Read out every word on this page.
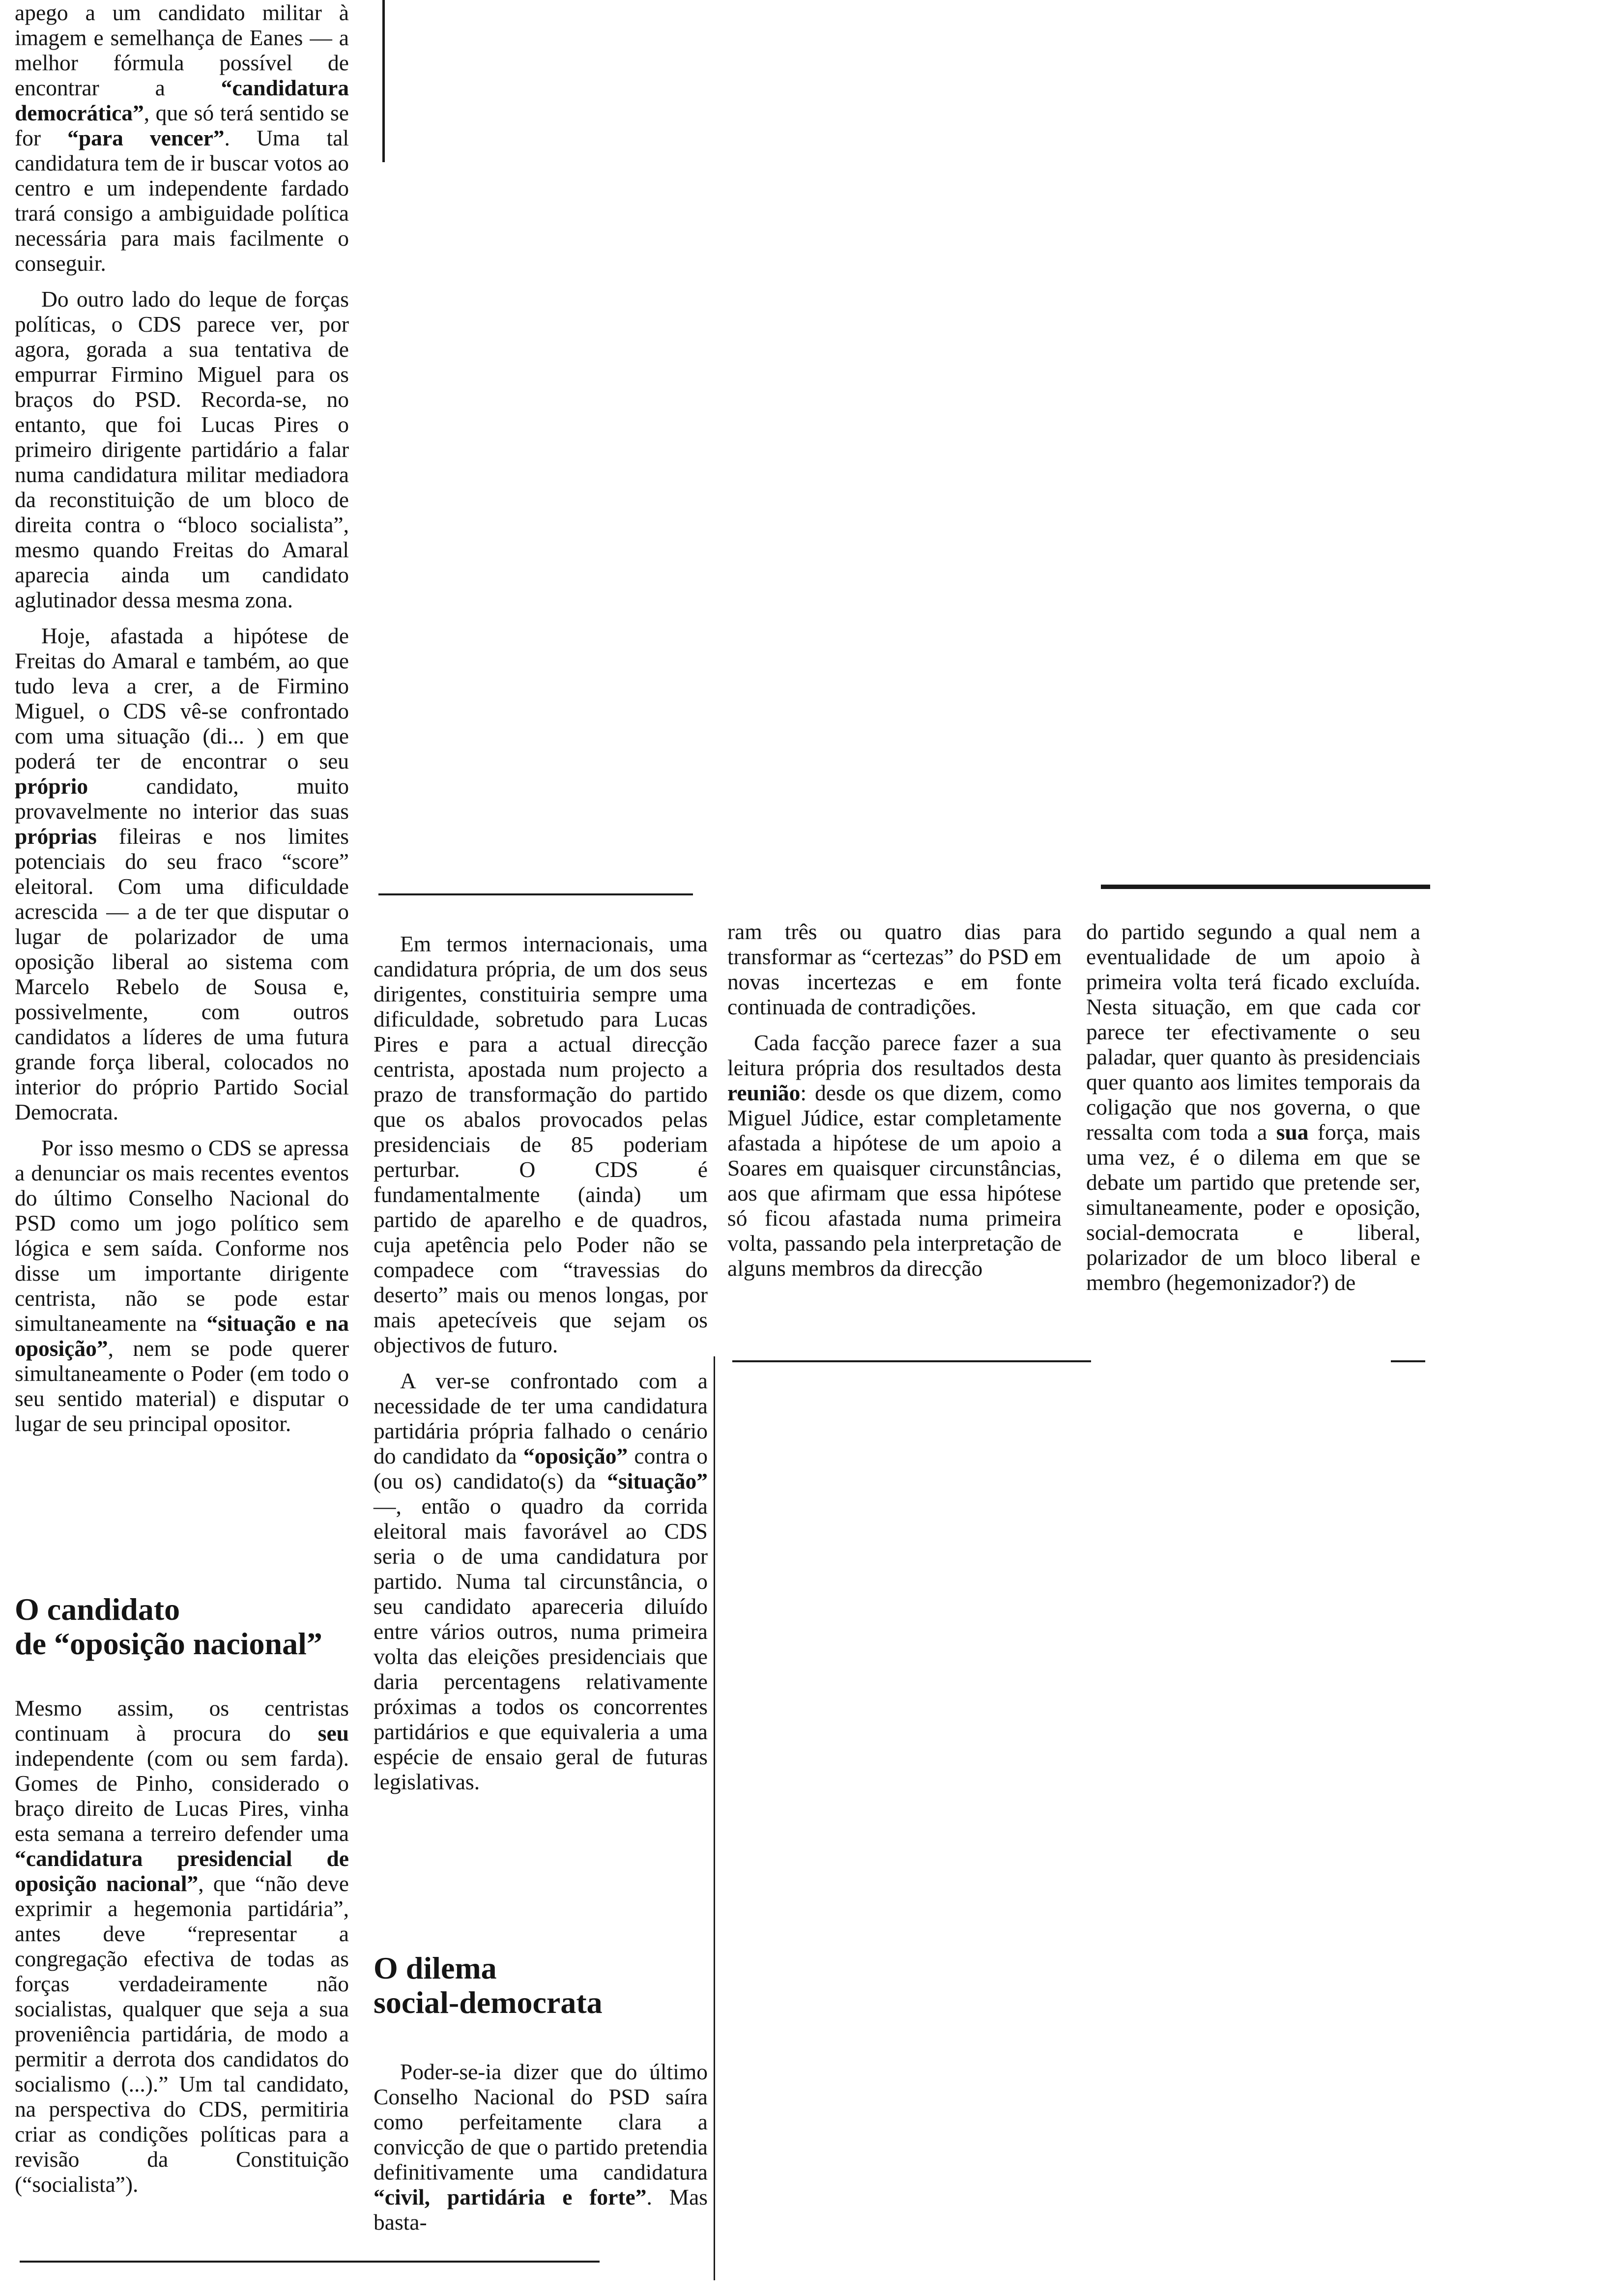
apego a um candidato militar à imagem e semelhança de Eanes — a melhor fórmula possível de encontrar a “candidatura democrática”, que só terá sentido se for “para vencer”. Uma tal candidatura tem de ir buscar votos ao centro e um independente fardado trará consigo a ambiguidade política necessária para mais facilmente o conseguir.

Do outro lado do leque de forças políticas, o CDS parece ver, por agora, gorada a sua tentativa de empurrar Firmino Miguel para os braços do PSD. Recorda-se, no entanto, que foi Lucas Pires o primeiro dirigente partidário a falar numa candidatura militar mediadora da reconstituição de um bloco de direita contra o “bloco socialista”, mesmo quando Freitas do Amaral aparecia ainda um candidato aglutinador dessa mesma zona.

Hoje, afastada a hipótese de Freitas do Amaral e também, ao que tudo leva a crer, a de Firmino Miguel, o CDS vê-se confrontado com uma situação (di... ) em que poderá ter de encontrar o seu próprio candidato, muito provavelmente no interior das suas próprias fileiras e nos limites potenciais do seu fraco “score” eleitoral. Com uma dificuldade acrescida — a de ter que disputar o lugar de polarizador de uma oposição liberal ao sistema com Marcelo Rebelo de Sousa e, possivelmente, com outros candidatos a líderes de uma futura grande força liberal, colocados no interior do próprio Partido Social Democrata.

Por isso mesmo o CDS se apressa a denunciar os mais recentes eventos do último Conselho Nacional do PSD como um jogo político sem lógica e sem saída. Conforme nos disse um importante dirigente centrista, não se pode estar simultaneamente na “situação e na oposição”, nem se pode querer simultaneamente o Poder (em todo o seu sentido material) e disputar o lugar de seu principal opositor.

O candidato
de “oposição nacional”

Mesmo assim, os centristas continuam à procura do seu independente (com ou sem farda). Gomes de Pinho, considerado o braço direito de Lucas Pires, vinha esta semana a terreiro defender uma “candidatura presidencial de oposição nacional”, que “não deve exprimir a hegemonia partidária”, antes deve “representar a congregação efectiva de todas as forças verdadeiramente não socialistas, qualquer que seja a sua proveniência partidária, de modo a permitir a derrota dos candidatos do socialismo (...).” Um tal candidato, na perspectiva do CDS, permitiria criar as condições políticas para a revisão da Constituição (“socialista”).

Em termos internacionais, uma candidatura própria, de um dos seus dirigentes, constituiria sempre uma dificuldade, sobretudo para Lucas Pires e para a actual direcção centrista, apostada num projecto a prazo de transformação do partido que os abalos provocados pelas presidenciais de 85 poderiam perturbar. O CDS é fundamentalmente (ainda) um partido de aparelho e de quadros, cuja apetência pelo Poder não se compadece com “travessias do deserto” mais ou menos longas, por mais apetecíveis que sejam os objectivos de futuro.

A ver-se confrontado com a necessidade de ter uma candidatura partidária própria falhado o cenário do candidato da “oposição” contra o (ou os) candidato(s) da “situação” —, então o quadro da corrida eleitoral mais favorável ao CDS seria o de uma candidatura por partido. Numa tal circunstância, o seu candidato apareceria diluído entre vários outros, numa primeira volta das eleições presidenciais que daria percentagens relativamente próximas a todos os concorrentes partidários e que equivaleria a uma espécie de ensaio geral de futuras legislativas.

O dilema
social-democrata

Poder-se-ia dizer que do último Conselho Nacional do PSD saíra como perfeitamente clara a convicção de que o partido pretendia definitivamente uma candidatura “civil, partidária e forte”. Mas basta-

ram três ou quatro dias para transformar as “certezas” do PSD em novas incertezas e em fonte continuada de contradições.

Cada facção parece fazer a sua leitura própria dos resultados desta reunião: desde os que dizem, como Miguel Júdice, estar completamente afastada a hipótese de um apoio a Soares em quaisquer circunstâncias, aos que afirmam que essa hipótese só ficou afastada numa primeira volta, passando pela interpretação de alguns membros da direcção

do partido segundo a qual nem a eventualidade de um apoio à primeira volta terá ficado excluída. Nesta situação, em que cada cor parece ter efectivamente o seu paladar, quer quanto às presidenciais quer quanto aos limites temporais da coligação que nos governa, o que ressalta com toda a sua força, mais uma vez, é o dilema em que se debate um partido que pretende ser, simultaneamente, poder e oposição, social-democrata e liberal, polarizador de um bloco liberal e membro (hegemonizador?) de
